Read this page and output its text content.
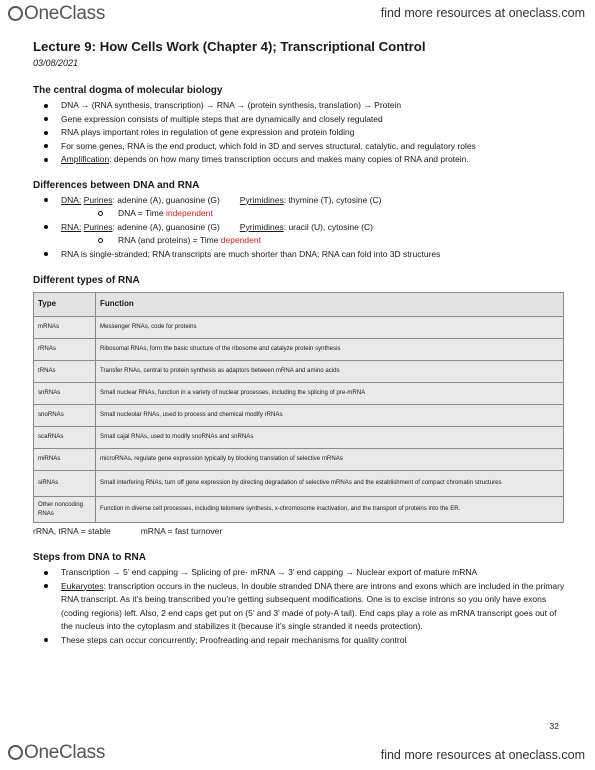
OneClass	find more resources at oneclass.com
Lecture 9: How Cells Work (Chapter 4); Transcriptional Control

03/08/2021

The central dogma of molecular biology
DNA → (RNA synthesis, transcription) → RNA → (protein synthesis, translation) → Protein
Gene expression consists of multiple steps that are dynamically and closely regulated
RNA plays important roles in regulation of gene expression and protein folding
For some genes, RNA is the end product, which fold in 3D and serves structural, catalytic, and regulatory roles
Amplification: depends on how many times transcription occurs and makes many copies of RNA and protein.
Differences between DNA and RNA
DNA: Purines: adenine (A), guanosine (G) Pyrimidines: thymine (T), cytosine (C)
DNA = Time independent
RNA: Purines: adenine (A), guanosine (G) Pyrimidines: uracil (U), cytosine (C)
RNA (and proteins) = Time dependent
RNA is single-stranded; RNA transcripts are much shorter than DNA; RNA can fold into 3D structures
Different types of RNA
Type	Function
mRNAs	Messenger RNAs, code for proteins
rRNAs	Ribosomal RNAs, form the basic structure of the ribosome and catalyze protein synthesis
tRNAs	Transfer RNAs, central to protein synthesis as adaptors between mRNA and amino acids
snRNAs	Small nuclear RNAs, function in a variety of nuclear processes, including the splicing of pre-mRNA
snoRNAs	Small nucleolar RNAs, used to process and chemical modify rRNAs
scaRNAs	Small cajal RNAs, used to modify snoRNAs and snRNAs
miRNAs	microRNAs, regulate gene expression typically by blocking translation of selective mRNAs
siRNAs	Small interfering RNAs, turn off gene expression by directing degradation of selective mRNAs and the establishment of compact chromatin structures
Other noncoding RNAs	Function in diverse cell processes, including telomere synthesis, x-chromosome inactivation, and the transport of proteins into the ER.

rRNA, tRNA = stable	mRNA = fast turnover

Steps from DNA to RNA
Transcription → 5’ end capping → Splicing of pre- mRNA → 3’ end capping → Nuclear export of mature mRNA
Eukaryotes: transcription occurs in the nucleus. In double stranded DNA there are introns and exons which are included in the primary RNA transcript. As it’s being transcribed you’re getting subsequent modifications. One is to excise introns so you only have exons (coding regions) left. Also, 2 end caps get put on (5’ and 3’ made of poly-A tail). End caps play a role as mRNA transcript goes out of the nucleus into the cytoplasm and stabilizes it (because it’s single stranded it needs protection).
These steps can occur concurrently; Proofreading and repair mechanisms for quality control
32
OneClass	find more resources at oneclass.com
